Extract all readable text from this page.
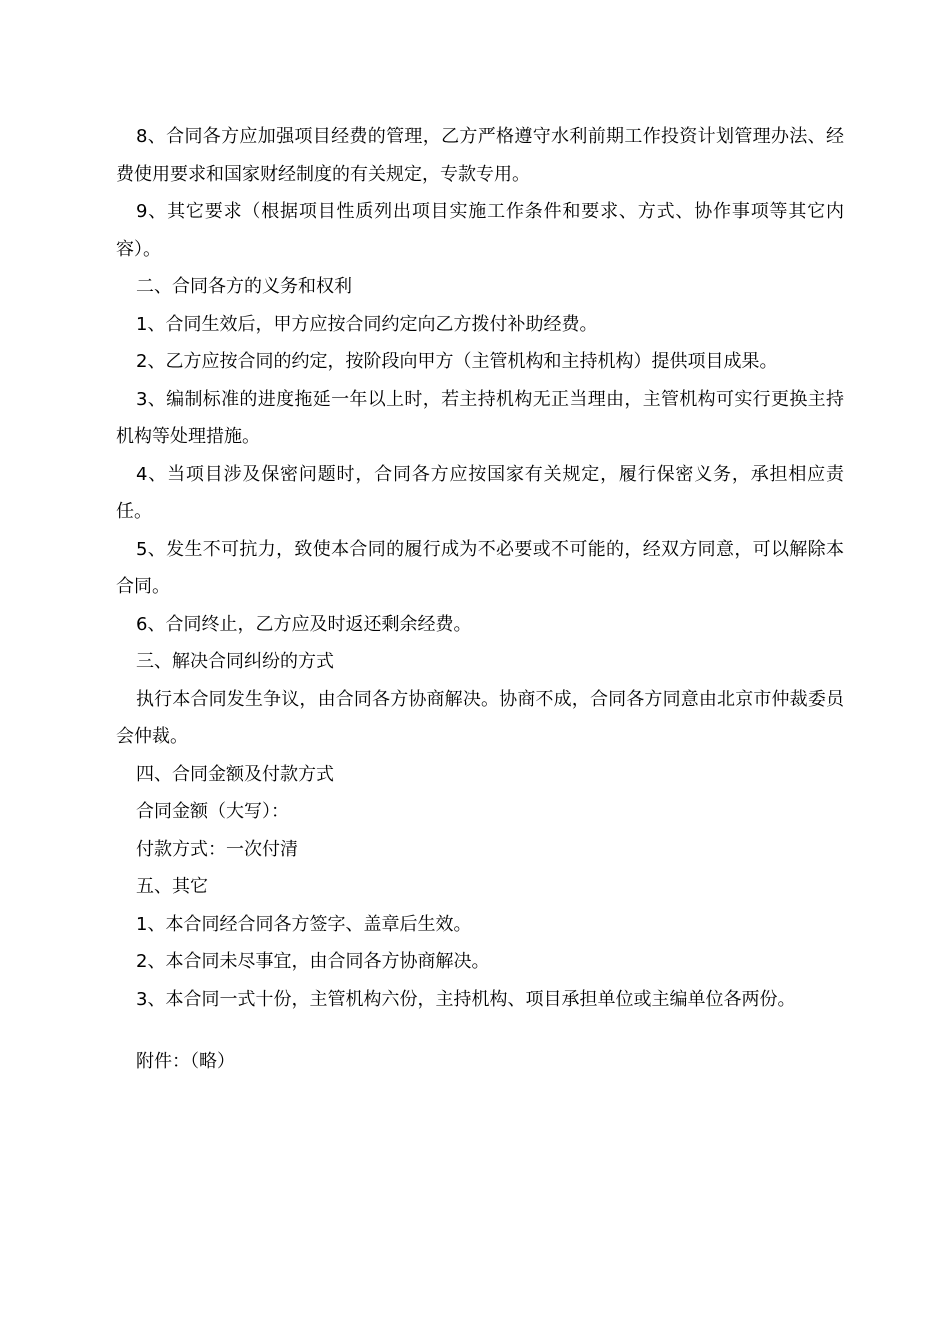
8、合同各方应加强项目经费的管理，乙方严格遵守水利前期工作投资计划管理办法、经费使用要求和国家财经制度的有关规定，专款专用。

9、其它要求（根据项目性质列出项目实施工作条件和要求、方式、协作事项等其它内容）。

二、合同各方的义务和权利

1、合同生效后，甲方应按合同约定向乙方拨付补助经费。

2、乙方应按合同的约定，按阶段向甲方（主管机构和主持机构）提供项目成果。

3、编制标准的进度拖延一年以上时，若主持机构无正当理由，主管机构可实行更换主持机构等处理措施。

4、当项目涉及保密问题时，合同各方应按国家有关规定，履行保密义务，承担相应责任。

5、发生不可抗力，致使本合同的履行成为不必要或不可能的，经双方同意，可以解除本合同。

6、合同终止，乙方应及时返还剩余经费。

三、解决合同纠纷的方式

执行本合同发生争议，由合同各方协商解决。协商不成，合同各方同意由北京市仲裁委员会仲裁。

四、合同金额及付款方式

合同金额（大写）：

付款方式：一次付清

五、其它

1、本合同经合同各方签字、盖章后生效。

2、本合同未尽事宜，由合同各方协商解决。

3、本合同一式十份，主管机构六份，主持机构、项目承担单位或主编单位各两份。

附件：（略）
